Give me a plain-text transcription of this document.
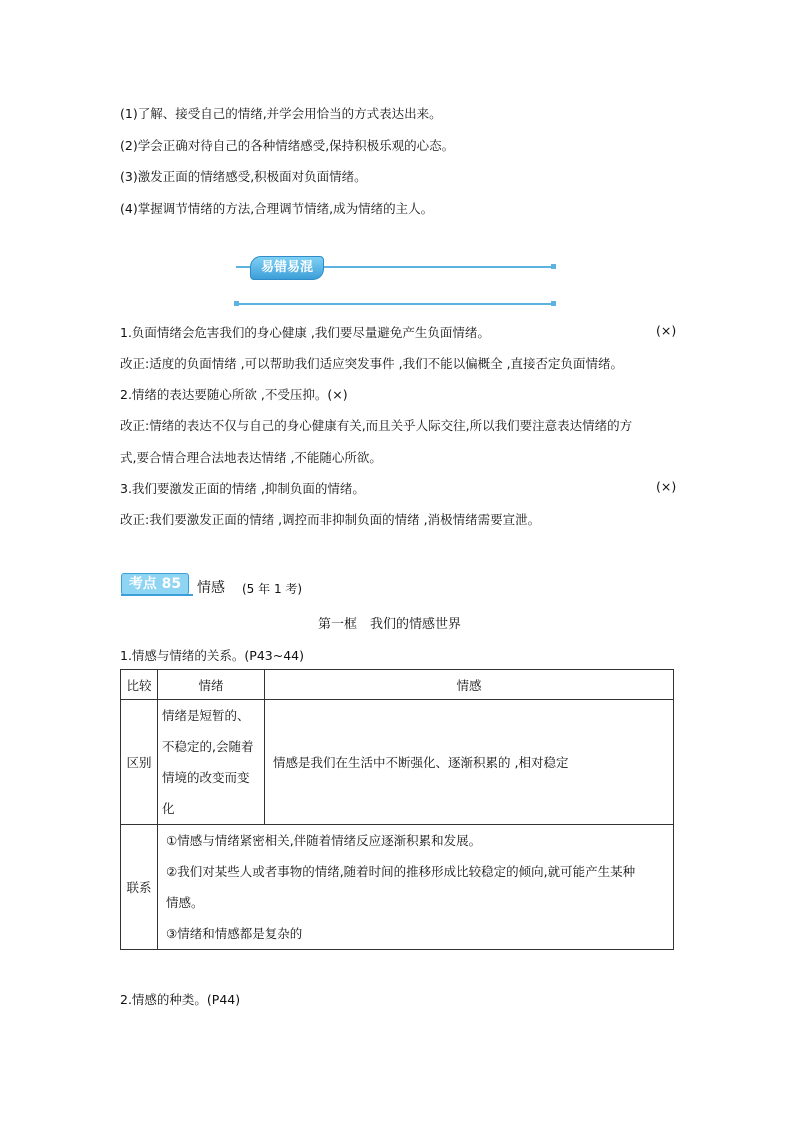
(1)了解、接受自己的情绪,并学会用恰当的方式表达出来。
(2)学会正确对待自己的各种情绪感受,保持积极乐观的心态。
(3)激发正面的情绪感受,积极面对负面情绪。
(4)掌握调节情绪的方法,合理调节情绪,成为情绪的主人。
易错易混
1.负面情绪会危害我们的身心健康 ,我们要尽量避免产生负面情绪。	(×)
改正:适度的负面情绪 ,可以帮助我们适应突发事件 ,我们不能以偏概全 ,直接否定负面情绪。
2.情绪的表达要随心所欲 ,不受压抑。(×)
改正:情绪的表达不仅与自己的身心健康有关,而且关乎人际交往,所以我们要注意表达情绪的方
式,要合情合理合法地表达情绪 ,不能随心所欲。
3.我们要激发正面的情绪 ,抑制负面的情绪。	(×)
改正:我们要激发正面的情绪 ,调控而非抑制负面的情绪 ,消极情绪需要宣泄。
考点 85	情感 (5 年 1 考)
第一框　我们的情感世界
1.情感与情绪的关系。(P43~44)
比较	情绪	情感
区别	情绪是短暂的、
不稳定的,会随着
情境的改变而变
化	情感是我们在生活中不断强化、逐渐积累的 ,相对稳定
联系	①情感与情绪紧密相关,伴随着情绪反应逐渐积累和发展。
②我们对某些人或者事物的情绪,随着时间的推移形成比较稳定的倾向,就可能产生某种
情感。
③情绪和情感都是复杂的	
2.情感的种类。(P44)
